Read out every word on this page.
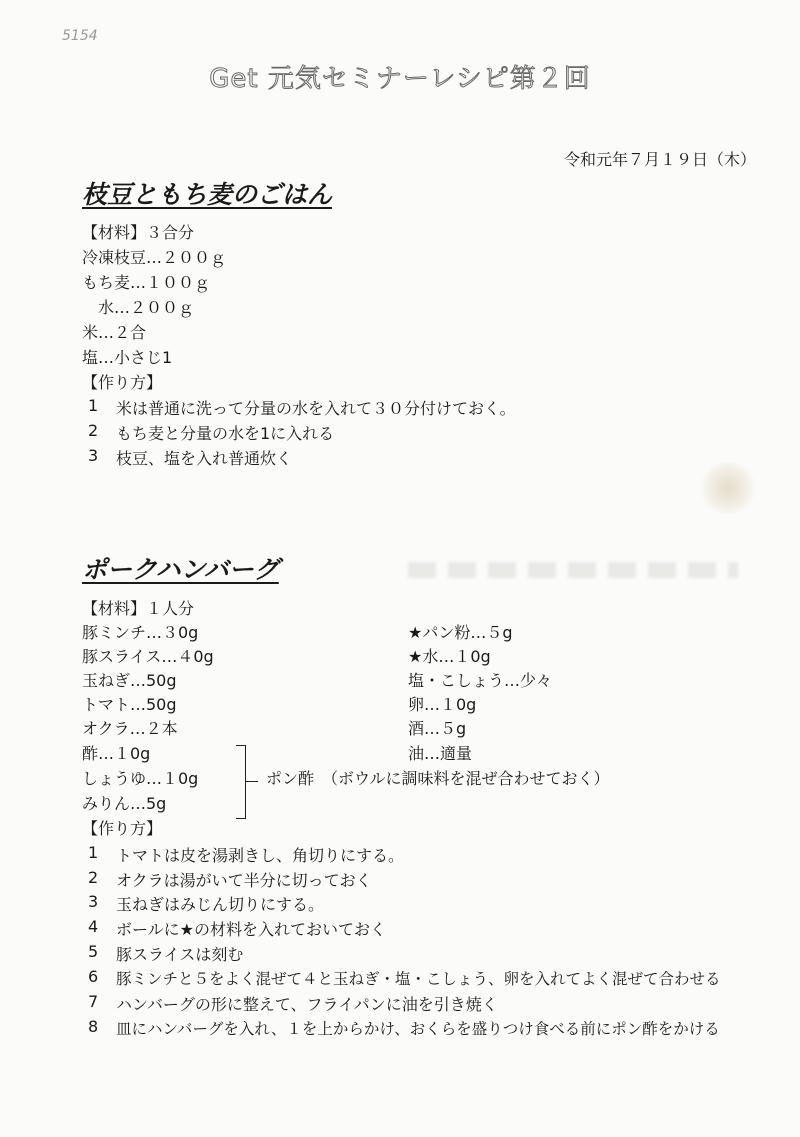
5154
Get 元気セミナーレシピ第２回
令和元年７月１９日（木）
枝豆ともち麦のごはん
【材料】３合分
冷凍枝豆…２００ｇ
もち麦…１００ｇ
水…２００ｇ
米…２合
塩…小さじ1
【作り方】
1 米は普通に洗って分量の水を入れて３０分付けておく。
2 もち麦と分量の水を1に入れる
3 枝豆、塩を入れ普通炊く
ポークハンバーグ
【材料】１人分
豚ミンチ…３0g
豚スライス…４0g
玉ねぎ…50g
トマト…50g
オクラ…２本
酢…１0g
しょうゆ…１0g
みりん…5g
★パン粉…５g
★水…１0g
塩・こしょう…少々
卵…１0g
酒…５g
油…適量
ポン酢　（ボウルに調味料を混ぜ合わせておく）
【作り方】
1 トマトは皮を湯剥きし、角切りにする。
2 オクラは湯がいて半分に切っておく
3 玉ねぎはみじん切りにする。
4 ボールに★の材料を入れておいておく
5 豚スライスは刻む
6 豚ミンチと５をよく混ぜて４と玉ねぎ・塩・こしょう、卵を入れてよく混ぜて合わせる
7 ハンバーグの形に整えて、フライパンに油を引き焼く
8 皿にハンバーグを入れ、１を上からかけ、おくらを盛りつけ食べる前にポン酢をかける
